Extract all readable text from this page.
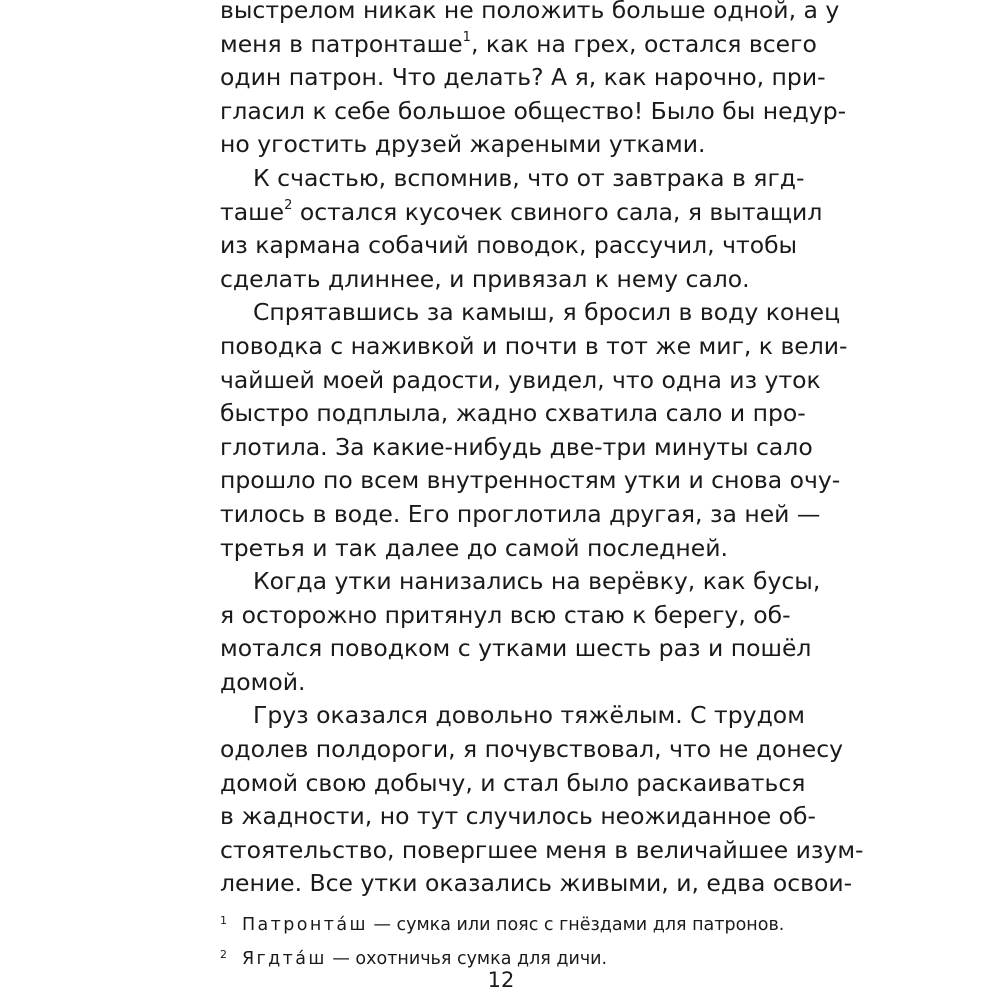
выстрелом никак не положить больше одной, а у
меня в патронташе$^1$, как на грех, остался всего
один патрон. Что делать? А я, как нарочно, при-
гласил к себе большое общество! Было бы недур-
но угостить друзей жареными утками.
К счастью, вспомнив, что от завтрака в ягд-
таше$^2$ остался кусочек свиного сала, я вытащил
из кармана собачий поводок, рассучил, чтобы
сделать длиннее, и привязал к нему сало.
Спрятавшись за камыш, я бросил в воду конец
поводка с наживкой и почти в тот же миг, к вели-
чайшей моей радости, увидел, что одна из уток
быстро подплыла, жадно схватила сало и про-
глотила. За какие-нибудь две-три минуты сало
прошло по всем внутренностям утки и снова очу-
тилось в воде. Его проглотила другая, за ней —
третья и так далее до самой последней.
Когда утки нанизались на верёвку, как бусы,
я осторожно притянул всю стаю к берегу, об-
мотался поводком с утками шесть раз и пошёл
домой.
Груз оказался довольно тяжёлым. С трудом
одолев полдороги, я почувствовал, что не донесу
домой свою добычу, и стал было раскаиваться
в жадности, но тут случилось неожиданное об-
стоятельство, повергшее меня в величайшее изум-
ление. Все утки оказались живыми, и, едва освои-
1 Патронта́ш — сумка или пояс с гнёздами для патронов.
2 Ягдта́ш — охотничья сумка для дичи.
12
